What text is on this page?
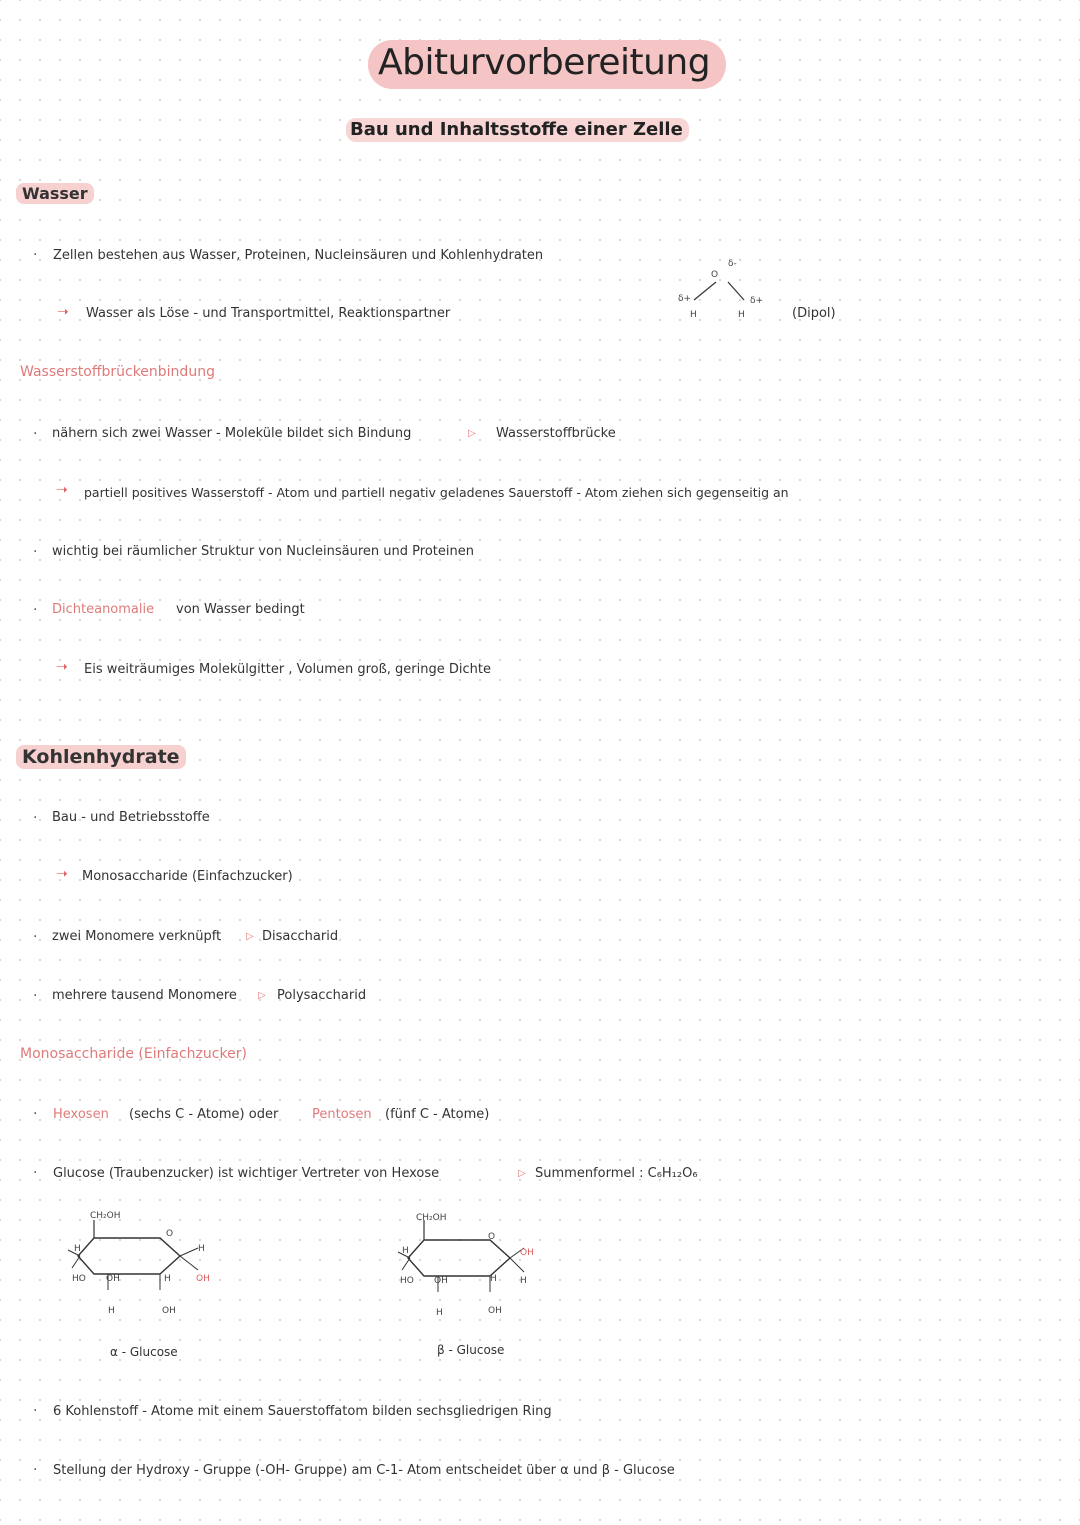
Abiturvorbereitung
Bau und Inhaltsstoffe einer Zelle
Wasser
· Zellen bestehen aus Wasser, Proteinen, Nucleinsäuren und Kohlenhydraten
➝ Wasser als Löse - und Transportmittel, Reaktionspartner
O
δ-
H
δ+
H
δ+
(Dipol)
Wasserstoffbrückenbindung
· nähern sich zwei Wasser - Moleküle bildet sich Bindung	▷ Wasserstoffbrücke
➝ partiell positives Wasserstoff - Atom und partiell negativ geladenes Sauerstoff - Atom ziehen sich gegenseitig an
· wichtig bei räumlicher Struktur von Nucleinsäuren und Proteinen
· Dichteanomalie von Wasser bedingt
➝ Eis weiträumiges Molekülgitter , Volumen groß, geringe Dichte
Kohlenhydrate
· Bau - und Betriebsstoffe
➝ Monosaccharide (Einfachzucker)
· zwei Monomere verknüpft ▷ Disaccharid
· mehrere tausend Monomere ▷ Polysaccharid
Monosaccharide (Einfachzucker)
· Hexosen (sechs C - Atome) oder	Pentosen (fünf C - Atome)
· Glucose (Traubenzucker) ist wichtiger Vertreter von Hexose	▷ Summenformel : C₆H₁₂O₆
CH₂OH
O
H	H
HO OH	H	OH
H	OH
α - Glucose
CH₂OH
O
H	OH
HO OH	H	H
H	OH
β - Glucose
· 6 Kohlenstoff - Atome mit einem Sauerstoffatom bilden sechsgliedrigen Ring
· Stellung der Hydroxy - Gruppe (-OH- Gruppe) am C-1- Atom entscheidet über α und β - Glucose
